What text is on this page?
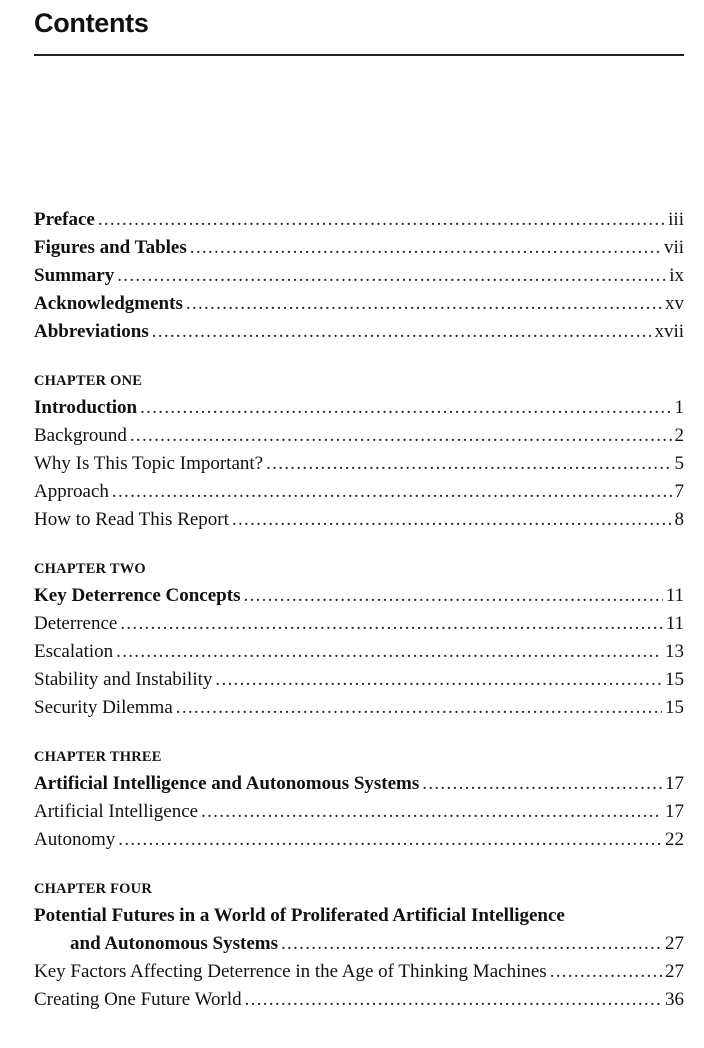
Contents
Preface .....	iii
Figures and Tables .....	vii
Summary .....	ix
Acknowledgments .....	xv
Abbreviations .....	xvii
CHAPTER ONE
Introduction .....	1
Background .....	2
Why Is This Topic Important? .....	5
Approach .....	7
How to Read This Report .....	8
CHAPTER TWO
Key Deterrence Concepts .....	11
Deterrence .....	11
Escalation .....	13
Stability and Instability .....	15
Security Dilemma .....	15
CHAPTER THREE
Artificial Intelligence and Autonomous Systems .....	17
Artificial Intelligence .....	17
Autonomy .....	22
CHAPTER FOUR
Potential Futures in a World of Proliferated Artificial Intelligence
and Autonomous Systems .....	27
Key Factors Affecting Deterrence in the Age of Thinking Machines .....	27
Creating One Future World .....	36
